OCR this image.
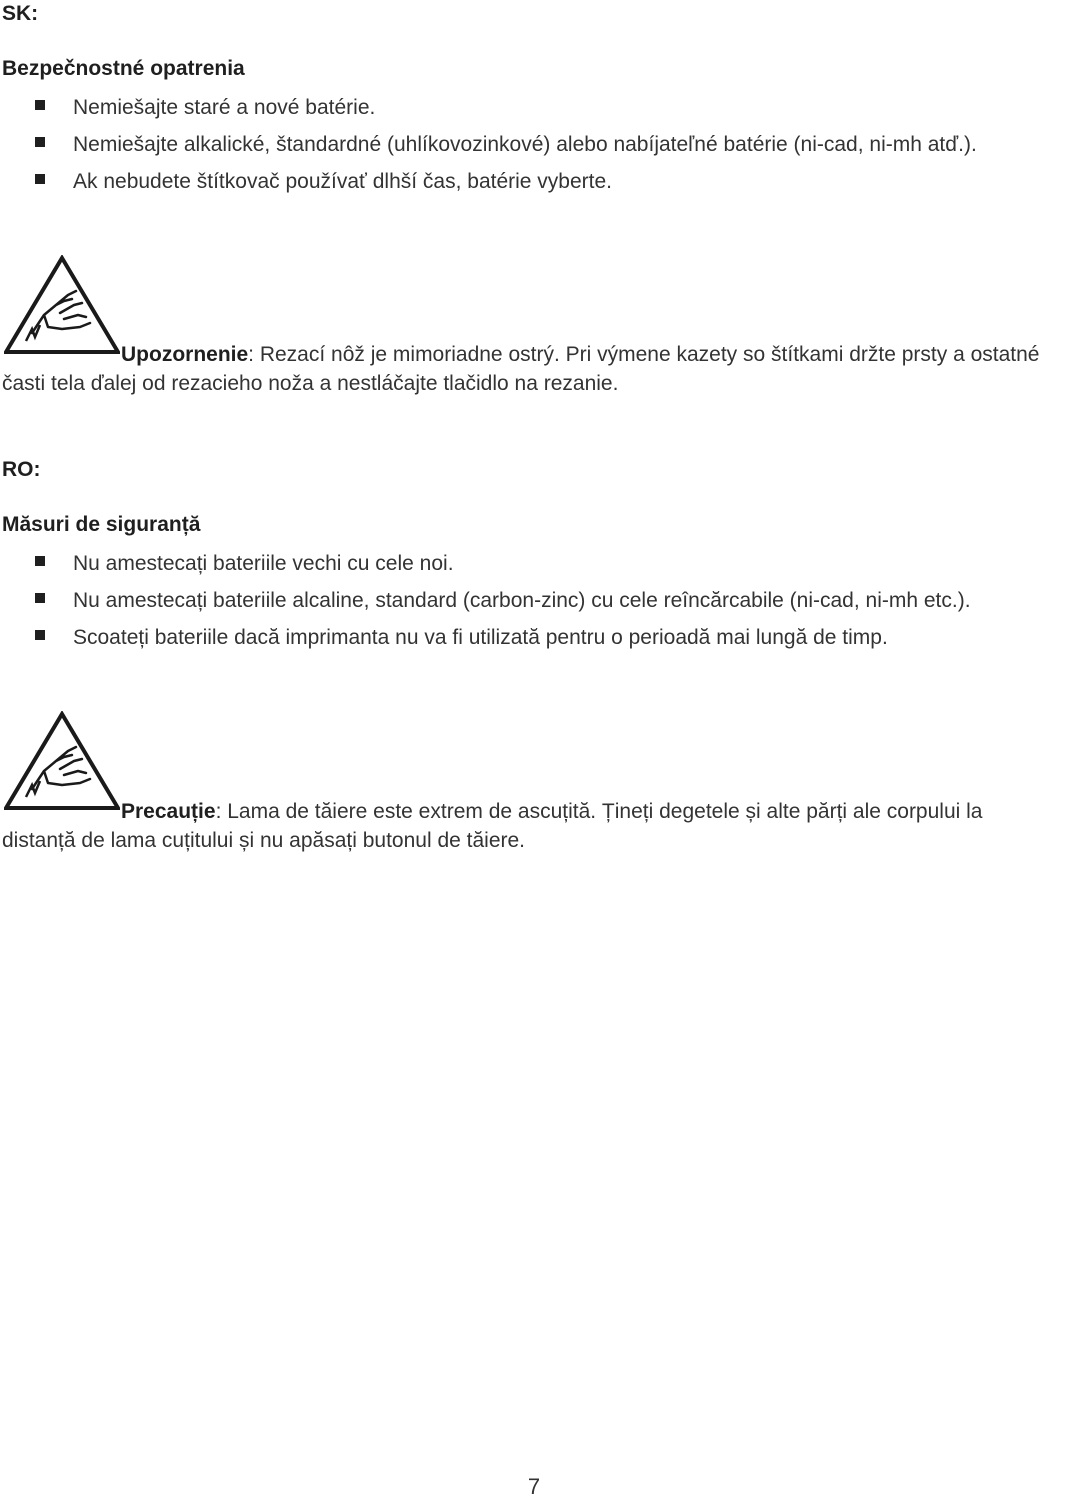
SK:

Bezpečnostné opatrenia

Nemiešajte staré a nové batérie.
Nemiešajte alkalické, štandardné (uhlíkovozinkové) alebo nabíjateľné batérie (ni-cad, ni-mh atď.).
Ak nebudete štítkovač používať dlhší čas, batérie vyberte.

Upozornenie: Rezací nôž je mimoriadne ostrý. Pri výmene kazety so štítkami držte prsty a ostatné časti tela ďalej od rezacieho noža a nestláčajte tlačidlo na rezanie.

RO:

Măsuri de siguranță

Nu amestecați bateriile vechi cu cele noi.
Nu amestecați bateriile alcaline, standard (carbon-zinc) cu cele reîncărcabile (ni-cad, ni-mh etc.).
Scoateți bateriile dacă imprimanta nu va fi utilizată pentru o perioadă mai lungă de timp.

Precauție: Lama de tăiere este extrem de ascuțită. Țineți degetele și alte părți ale corpului la distanță de lama cuțitului și nu apăsați butonul de tăiere.

7
